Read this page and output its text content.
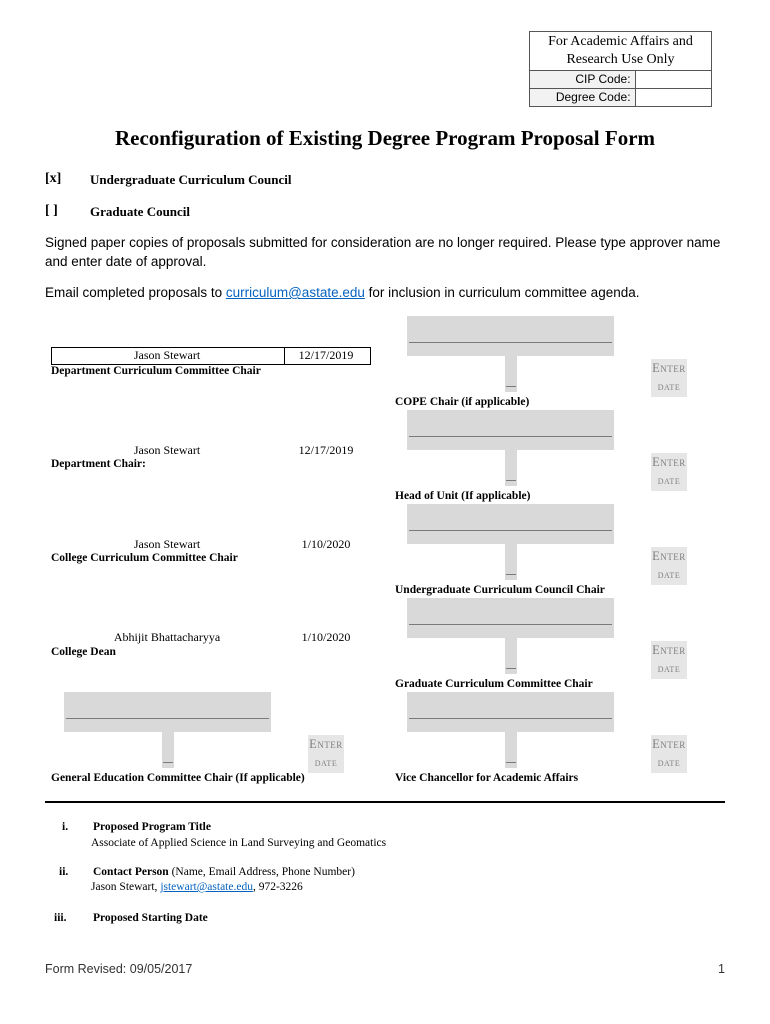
For Academic Affairs and Research Use Only	
CIP Code:	
Degree Code:	
Reconfiguration of Existing Degree Program Proposal Form
[x] Undergraduate Curriculum Council
[ ] Graduate Council
Signed paper copies of proposals submitted for consideration are no longer required. Please type approver name and enter date of approval.
Email completed proposals to curriculum@astate.edu for inclusion in curriculum committee agenda.
Jason Stewart	12/17/2019
Department Curriculum Committee Chair
Jason Stewart	12/17/2019
Department Chair:
Jason Stewart	1/10/2020
College Curriculum Committee Chair
Abhijit Bhattacharyya	1/10/2020
College Dean
Enter
date
General Education Committee Chair (If applicable)
Enter
date
COPE Chair (if applicable)
Enter
date
Head of Unit (If applicable)
Enter
date
Undergraduate Curriculum Council Chair
Enter
date
Graduate Curriculum Committee Chair
Enter
date
Vice Chancellor for Academic Affairs
i. Proposed Program Title
Associate of Applied Science in Land Surveying and Geomatics
ii. Contact Person (Name, Email Address, Phone Number)
Jason Stewart, jstewart@astate.edu, 972-3226
iii. Proposed Starting Date
Form Revised: 09/05/2017	1
